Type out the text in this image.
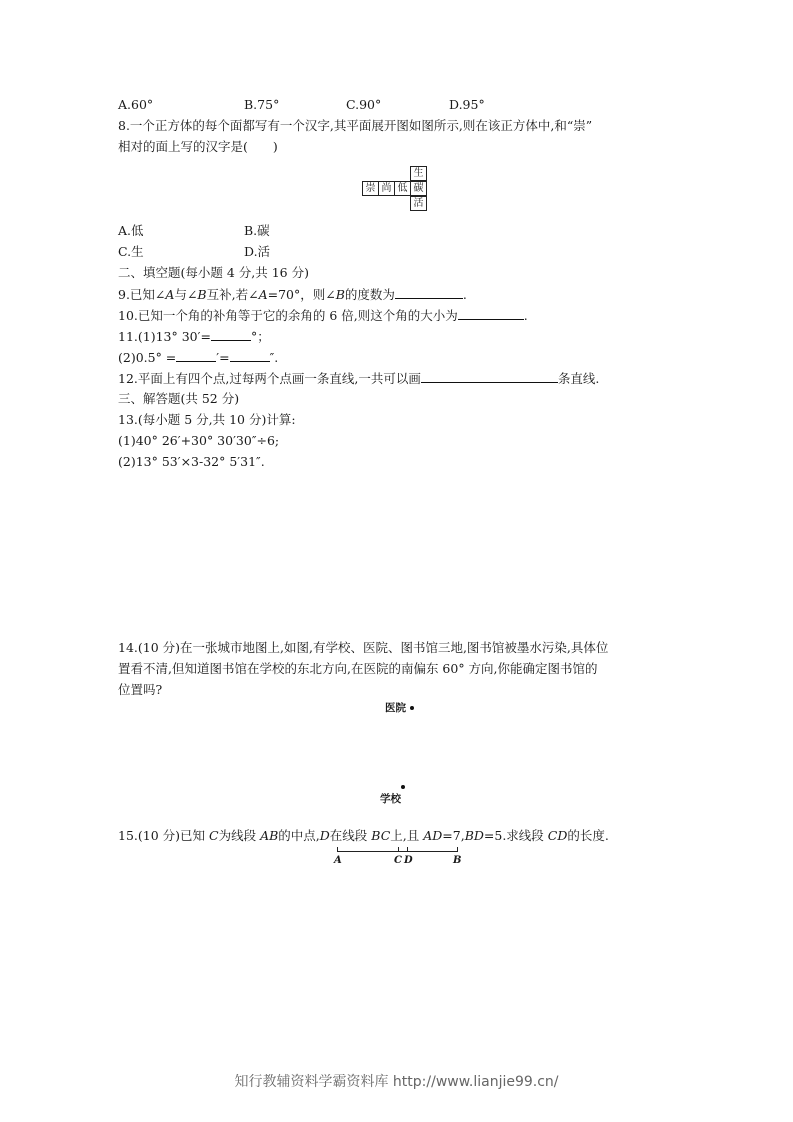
A.60°	B.75°	C.90°	D.95°
8.一个正方体的每个面都写有一个汉字,其平面展开图如图所示,则在该正方体中,和“崇”
相对的面上写的汉字是(　　)
崇 尚 低 碳
生
活
A.低	B.碳
C.生	D.活
二、填空题(每小题 4 分,共 16 分)
9.已知∠A与∠B互补,若∠A=70°，则∠B的度数为	.
10.已知一个角的补角等于它的余角的 6 倍,则这个角的大小为	.
11.(1)13° 30′=	°；
(2)0.5° =	′=	″.
12.平面上有四个点,过每两个点画一条直线,一共可以画	条直线.
三、解答题(共 52 分)
13.(每小题 5 分,共 10 分)计算:
(1)40° 26′+30° 30′30″÷6;
(2)13° 53′×3-32° 5′31″.
14.(10 分)在一张城市地图上,如图,有学校、医院、图书馆三地,图书馆被墨水污染,具体位
置看不清,但知道图书馆在学校的东北方向,在医院的南偏东 60° 方向,你能确定图书馆的
位置吗?
医院
学校
15.(10 分)已知 C为线段 AB的中点,D在线段 BC上,且 AD=7,BD=5.求线段 CD的长度.
A	C D	B
知行教辅资料学霸资料库 http://www.lianjie99.cn/
